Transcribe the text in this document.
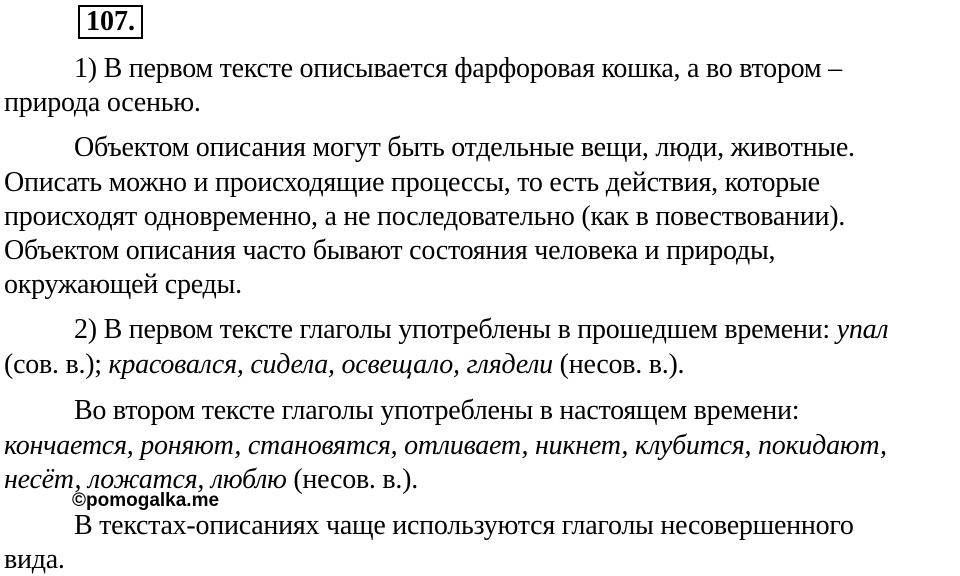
107.
1) В первом тексте описывается фарфоровая кошка, а во втором –
природа осенью.
Объектом описания могут быть отдельные вещи, люди, животные.
Описать можно и происходящие процессы, то есть действия, которые
происходят одновременно, а не последовательно (как в повествовании).
Объектом описания часто бывают состояния человека и природы,
окружающей среды.
2) В первом тексте глаголы употреблены в прошедшем времени: упал
(сов. в.); красовался, сидела, освещало, глядели (несов. в.).
Во втором тексте глаголы употреблены в настоящем времени:
кончается, роняют, становятся, отливает, никнет, клубится, покидают,
несёт, ложатся, люблю (несов. в.).
©pomogalka.me
В текстах-описаниях чаще используются глаголы несовершенного
вида.
